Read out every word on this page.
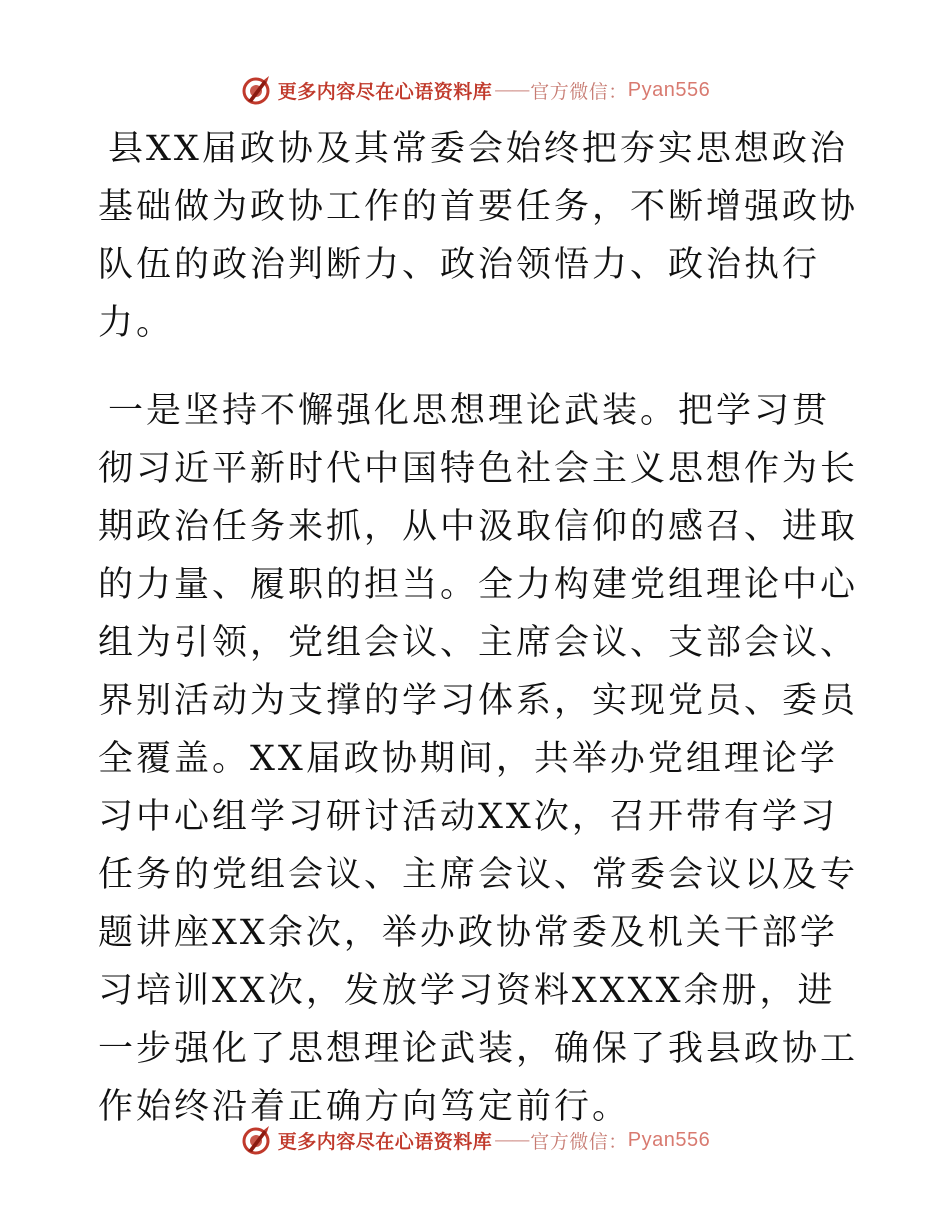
更多内容尽在心语资料库 —— 官方微信： Pyan556

县XX届政协及其常委会始终把夯实思想政治基础做为政协工作的首要任务，不断增强政协队伍的政治判断力、政治领悟力、政治执行力。

一是坚持不懈强化思想理论武装。把学习贯彻习近平新时代中国特色社会主义思想作为长期政治任务来抓，从中汲取信仰的感召、进取的力量、履职的担当。全力构建党组理论中心组为引领，党组会议、主席会议、支部会议、界别活动为支撑的学习体系，实现党员、委员全覆盖。XX届政协期间，共举办党组理论学习中心组学习研讨活动XX次，召开带有学习任务的党组会议、主席会议、常委会议以及专题讲座XX余次，举办政协常委及机关干部学习培训XX次，发放学习资料XXXX余册，进一步强化了思想理论武装，确保了我县政协工作始终沿着正确方向笃定前行。

更多内容尽在心语资料库 —— 官方微信： Pyan556
